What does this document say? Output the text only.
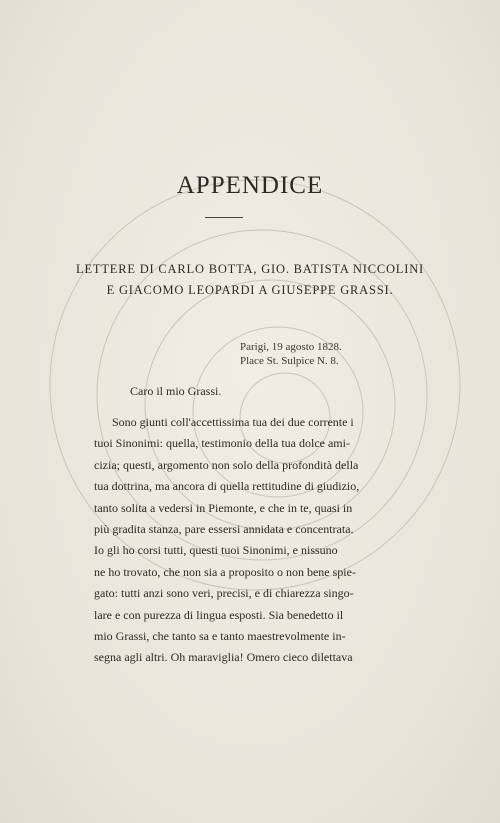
APPENDICE
LETTERE DI CARLO BOTTA, GIO. BATISTA NICCOLINI
E GIACOMO LEOPARDI A GIUSEPPE GRASSI.
Parigi, 19 agosto 1828.
Place St. Sulpice N. 8.
Caro il mio Grassi.
Sono giunti coll'accettissima tua dei due corrente i
tuoi Sinonimi: quella, testimonio della tua dolce ami-
cizia; questi, argomento non solo della profondità della
tua dottrina, ma ancora di quella rettitudine di giudizio,
tanto solita a vedersi in Piemonte, e che in te, quasi in
più gradita stanza, pare essersi annidata e concentrata.
Io gli ho corsi tutti, questi tuoi Sinonimi, e nissuno
ne ho trovato, che non sia a proposito o non bene spie-
gato: tutti anzi sono veri, precisi, e di chiarezza singo-
lare e con purezza di lingua esposti. Sia benedetto il
mio Grassi, che tanto sa e tanto maestrevolmente in-
segna agli altri. Oh maraviglia! Omero cieco dilettava
